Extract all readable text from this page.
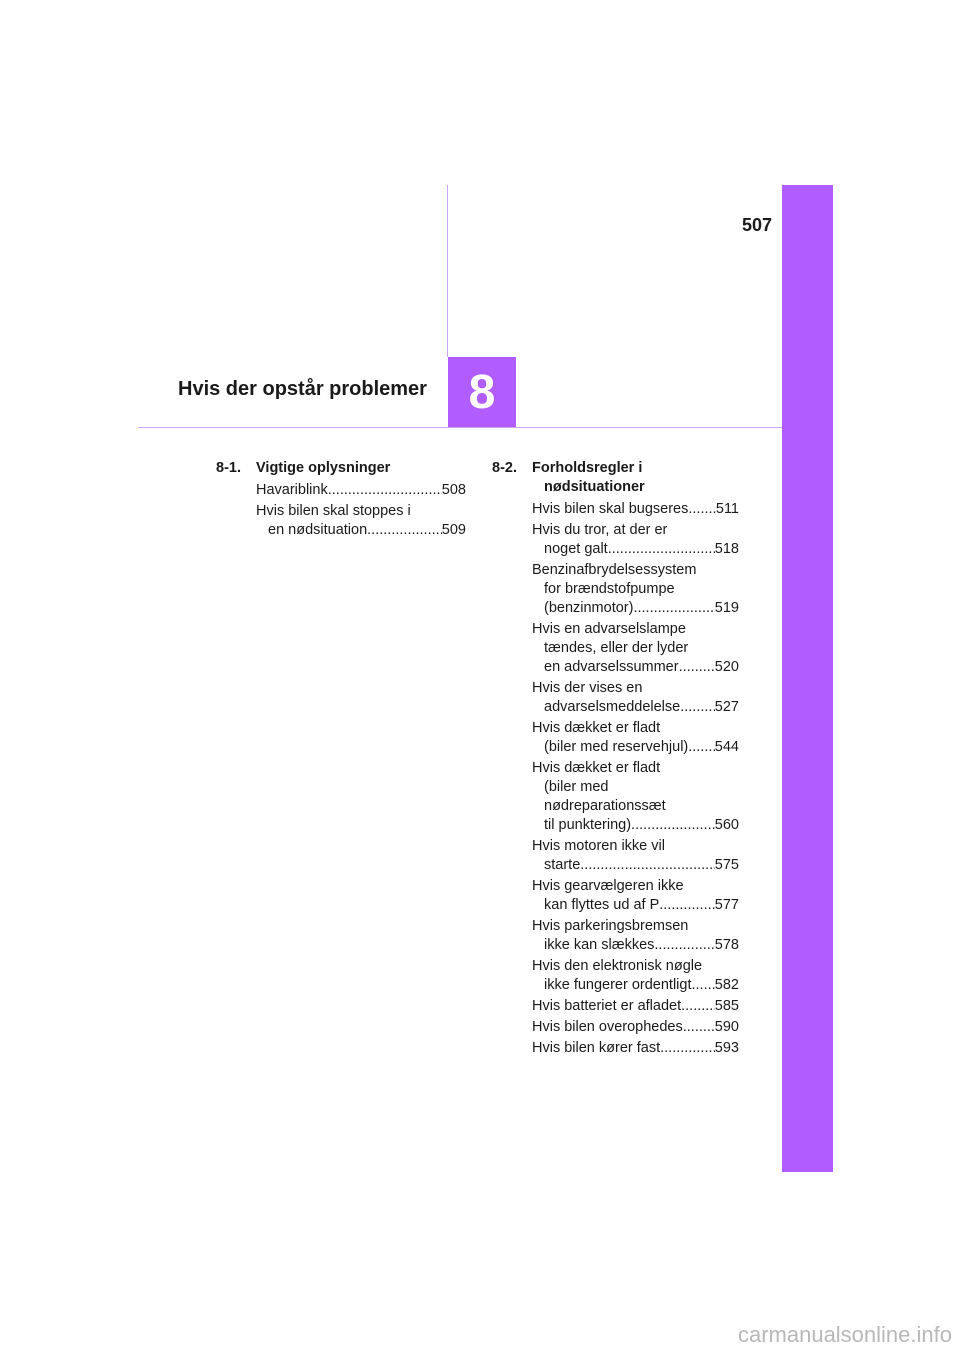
507
Hvis der opstår problemer 8
8-1.	Vigtige oplysninger
Havariblink .....	508
Hvis bilen skal stoppes i
en nødsituation .....	509
8-2.	Forholdsregler i nødsituationer
Hvis bilen skal bugseres ..... 511
Hvis du tror, at der er
noget galt .....	518
Benzinafbrydelsessystem
for brændstofpumpe
(benzinmotor) .....	519
Hvis en advarselslampe
tændes, eller der lyder
en advarselssummer ..... 520
Hvis der vises en
advarselsmeddelelse ..... 527
Hvis dækket er fladt
(biler med reservehjul) ..... 544
Hvis dækket er fladt
(biler med
nødreparationssæt
til punktering) .....	560
Hvis motoren ikke vil
starte .....	575
Hvis gearvælgeren ikke
kan flyttes ud af P .....	577
Hvis parkeringsbremsen
ikke kan slækkes .....	578
Hvis den elektronisk nøgle
ikke fungerer ordentligt ..... 582
Hvis batteriet er afladet ..... 585
Hvis bilen overophedes ..... 590
Hvis bilen kører fast .....	593
carmanualsonline.info
